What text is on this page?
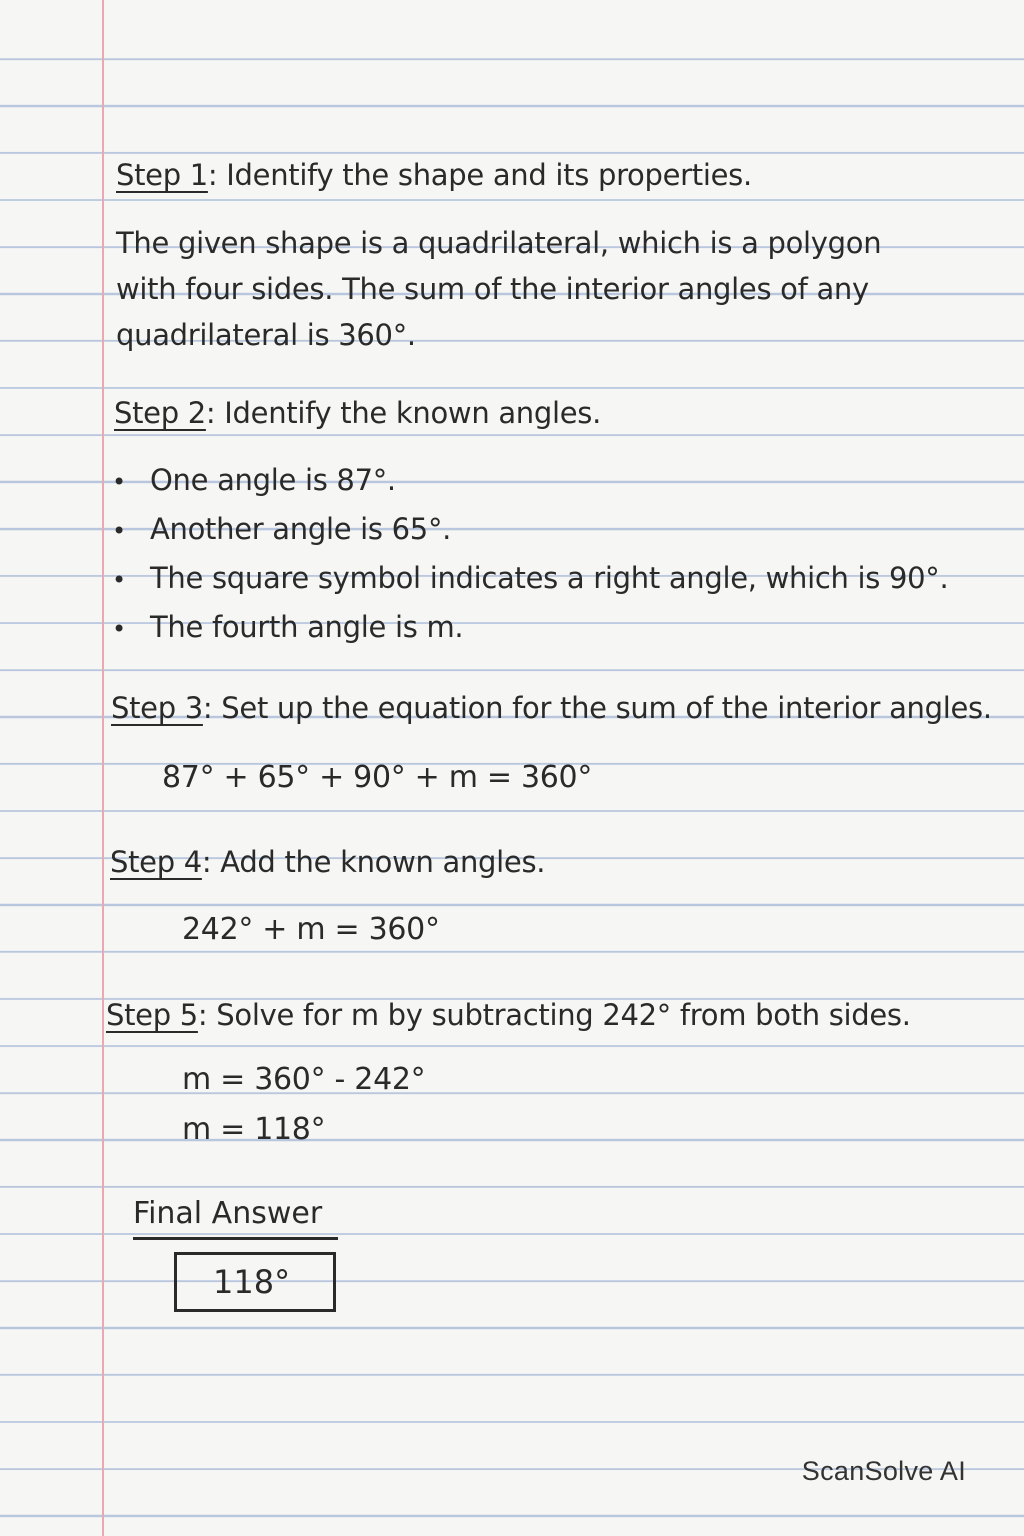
Step 1: Identify the shape and its properties.

The given shape is a quadrilateral, which is a polygon with four sides. The sum of the interior angles of any quadrilateral is 360°.

Step 2: Identify the known angles.
• One angle is 87°.
• Another angle is 65°.
• The square symbol indicates a right angle, which is 90°.
• The fourth angle is m.
Step 3: Set up the equation for the sum of the interior angles.
87° + 65° + 90° + m = 360°
Step 4: Add the known angles.
242° + m = 360°
Step 5: Solve for m by subtracting 242° from both sides.
m = 360° - 242°
m = 118°
Final Answer
118°
ScanSolve AI
